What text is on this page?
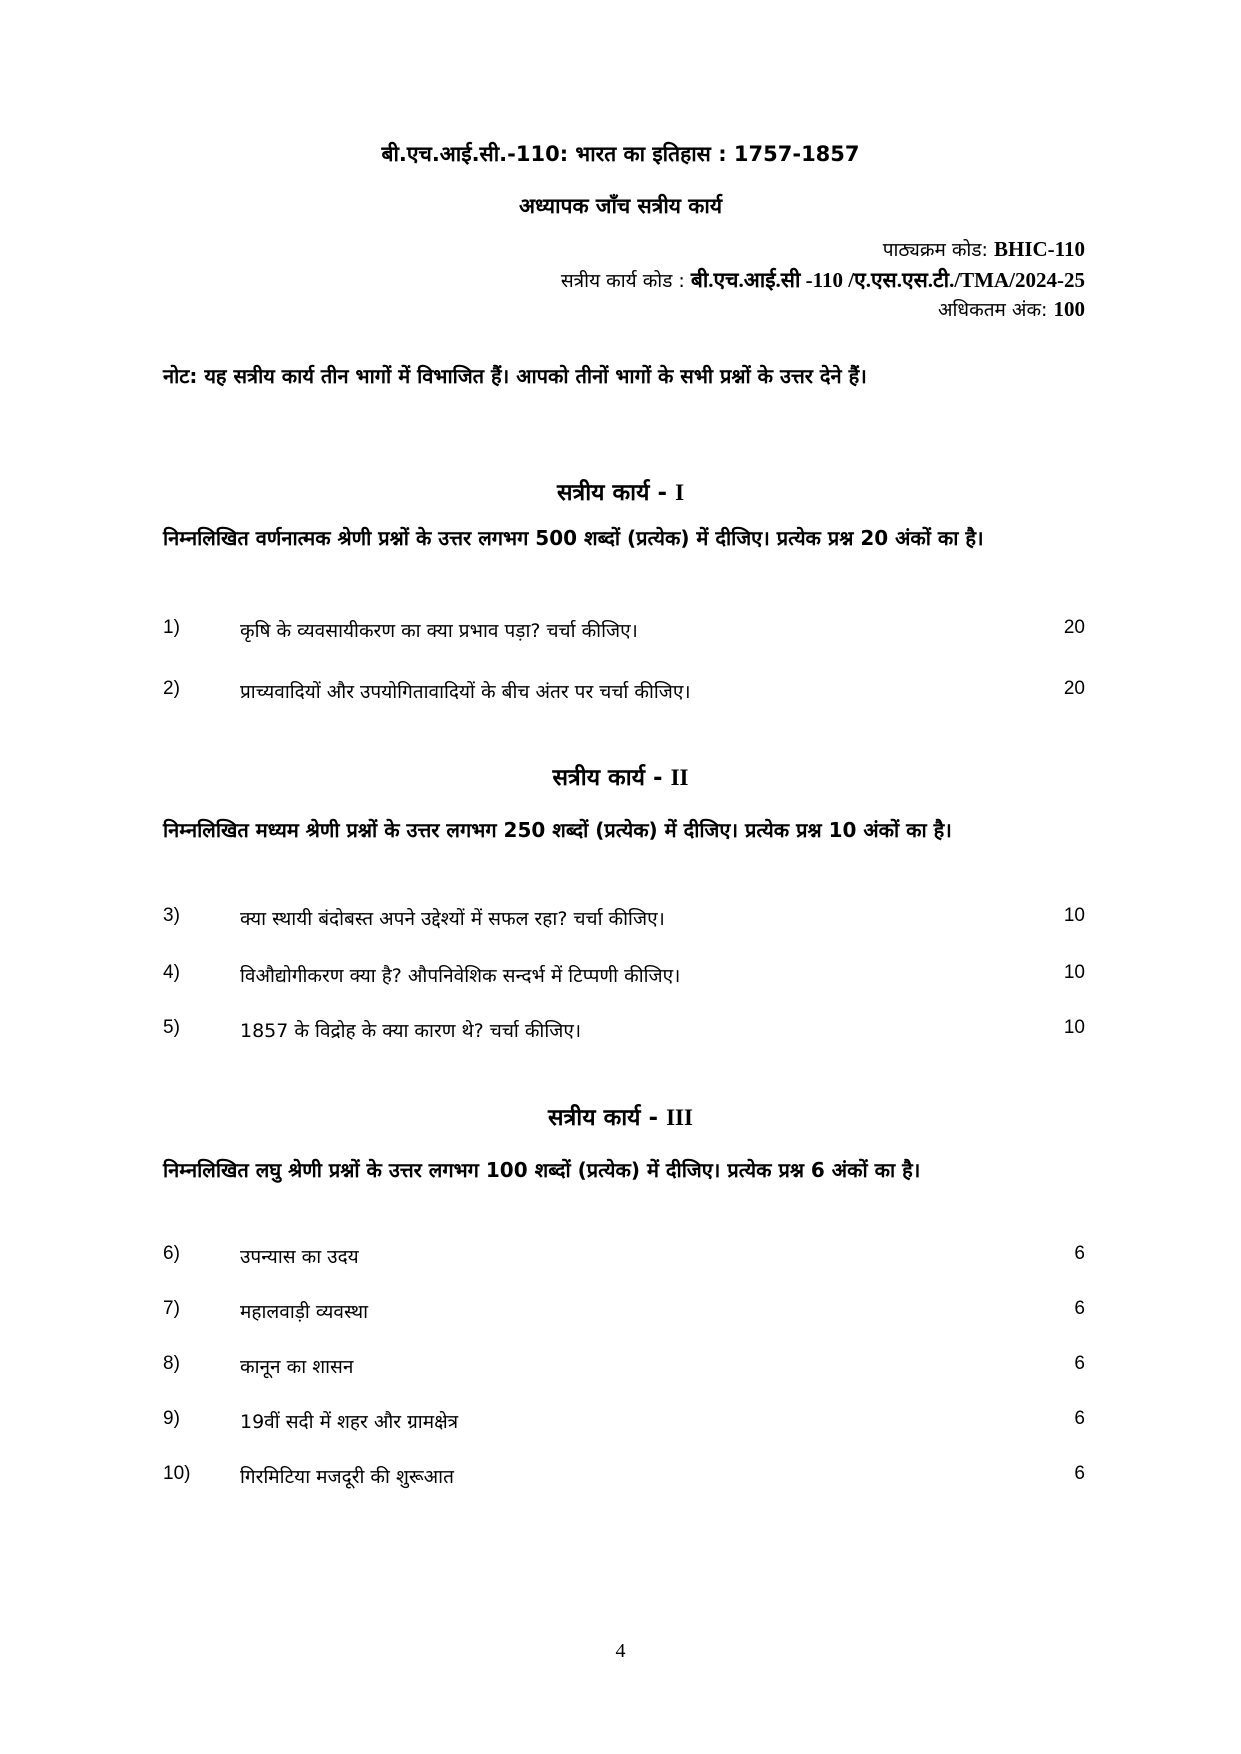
बी.एच.आई.सी.-110: भारत का इतिहास : 1757-1857
अध्यापक जाँच सत्रीय कार्य
पाठ्यक्रम कोड: BHIC-110
सत्रीय कार्य कोड : बी.एच.आई.सी -110 /ए.एस.एस.टी./TMA/2024-25
अधिकतम अंक: 100
नोट: यह सत्रीय कार्य तीन भागों में विभाजित हैं। आपको तीनों भागों के सभी प्रश्नों के उत्तर देने हैं।
सत्रीय कार्य - I
निम्नलिखित वर्णनात्मक श्रेणी प्रश्नों के उत्तर लगभग 500 शब्दों (प्रत्येक) में दीजिए। प्रत्येक प्रश्न 20 अंकों का है।
1)	कृषि के व्यवसायीकरण का क्या प्रभाव पड़ा? चर्चा कीजिए।	20
2)	प्राच्यवादियों और उपयोगितावादियों के बीच अंतर पर चर्चा कीजिए।	20
सत्रीय कार्य - II
निम्नलिखित मध्यम श्रेणी प्रश्नों के उत्तर लगभग 250 शब्दों (प्रत्येक) में दीजिए। प्रत्येक प्रश्न 10 अंकों का है।
3)	क्या स्थायी बंदोबस्त अपने उद्देश्यों में सफल रहा? चर्चा कीजिए।	10
4)	विऔद्योगीकरण क्या है? औपनिवेशिक सन्दर्भ में टिप्पणी कीजिए।	10
5)	1857 के विद्रोह के क्या कारण थे? चर्चा कीजिए।	10
सत्रीय कार्य - III
निम्नलिखित लघु श्रेणी प्रश्नों के उत्तर लगभग 100 शब्दों (प्रत्येक) में दीजिए। प्रत्येक प्रश्न 6 अंकों का है।
6)	उपन्यास का उदय	6
7)	महालवाड़ी व्यवस्था	6
8)	कानून का शासन	6
9)	19वीं सदी में शहर और ग्रामक्षेत्र	6
10)	गिरमिटिया मजदूरी की शुरूआत	6
4
